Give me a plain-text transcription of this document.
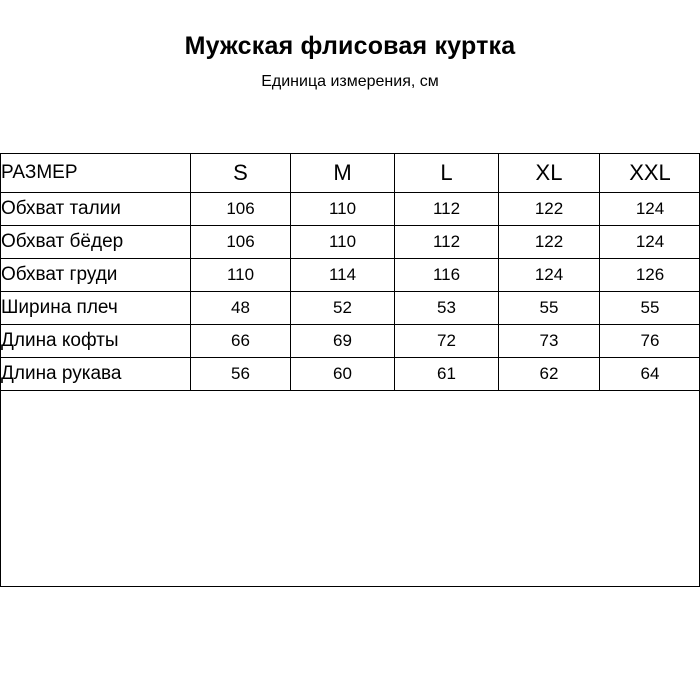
Мужская флисовая куртка

Единица измерения, см

РАЗМЕР	S	M	L	XL	XXL
Обхват талии	106	110	112	122	124
Обхват бёдер	106	110	112	122	124
Обхват груди	110	114	116	124	126
Ширина плеч	48	52	53	55	55
Длина кофты	66	69	72	73	76
Длина рукава	56	60	61	62	64
